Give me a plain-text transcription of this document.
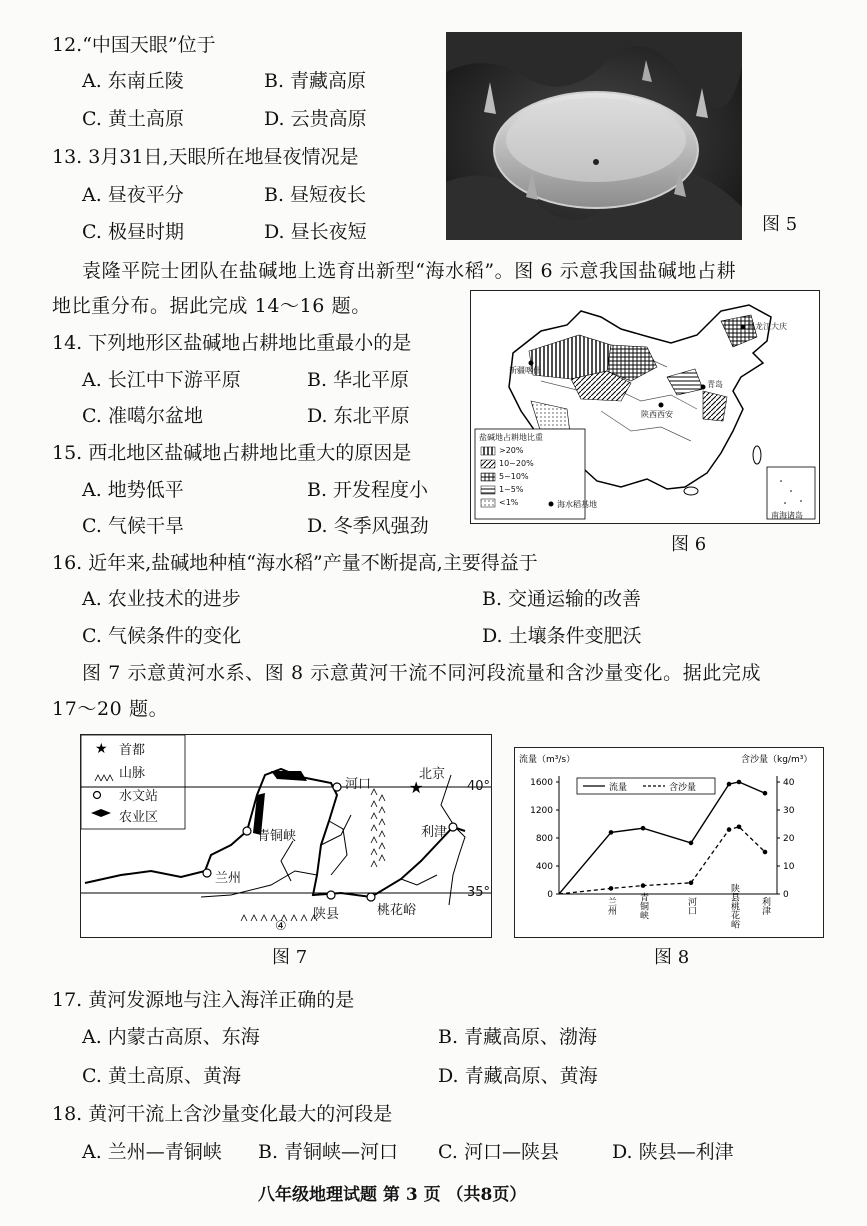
12.“中国天眼”位于
A. 东南丘陵	B. 青藏高原
C. 黄土高原	D. 云贵高原
13. 3月31日,天眼所在地昼夜情况是
A. 昼夜平分	B. 昼短夜长
C. 极昼时期	D. 昼长夜短	图 5
袁隆平院士团队在盐碱地上选育出新型“海水稻”。图 6 示意我国盐碱地占耕
地比重分布。据此完成 14～16 题。
14. 下列地形区盐碱地占耕地比重最小的是
A. 长江中下游平原	B. 华北平原
C. 准噶尔盆地	D. 东北平原
15. 西北地区盐碱地占耕地比重大的原因是
A. 地势低平	B. 开发程度小
C. 气候干旱	D. 冬季风强劲
盐碱地占耕地比重
>20%
10~20%
5~10%
1~5%
<1%	海水稻基地
新疆喀什
黑龙江大庆
青岛
陕西西安
南海诸岛
图 6
16. 近年来,盐碱地种植“海水稻”产量不断提高,主要得益于
A. 农业技术的进步	B. 交通运输的改善
C. 气候条件的变化	D. 土壤条件变肥沃
图 7 示意黄河水系、图 8 示意黄河干流不同河段流量和含沙量变化。据此完成
17～20 题。
★
★
首都
山脉
水文站
农业区
河口
北京
青铜峡	利津
兰州
陕县	桃花峪
④
40°
35°
图 7
流量（m³/s）	含沙量（kg/m³）
0
400
800
1200
1600
0
10
20
30
40
流量	含沙量
兰州 青铜峡	河口	陕县桃花峪 利津
图 8
17. 黄河发源地与注入海洋正确的是
A. 内蒙古高原、东海	B. 青藏高原、渤海
C. 黄土高原、黄海	D. 青藏高原、黄海
18. 黄河干流上含沙量变化最大的河段是
A. 兰州—青铜峡 B. 青铜峡—河口 C. 河口—陕县	D. 陕县—利津
八年级地理试题 第 3 页 （共8页）
